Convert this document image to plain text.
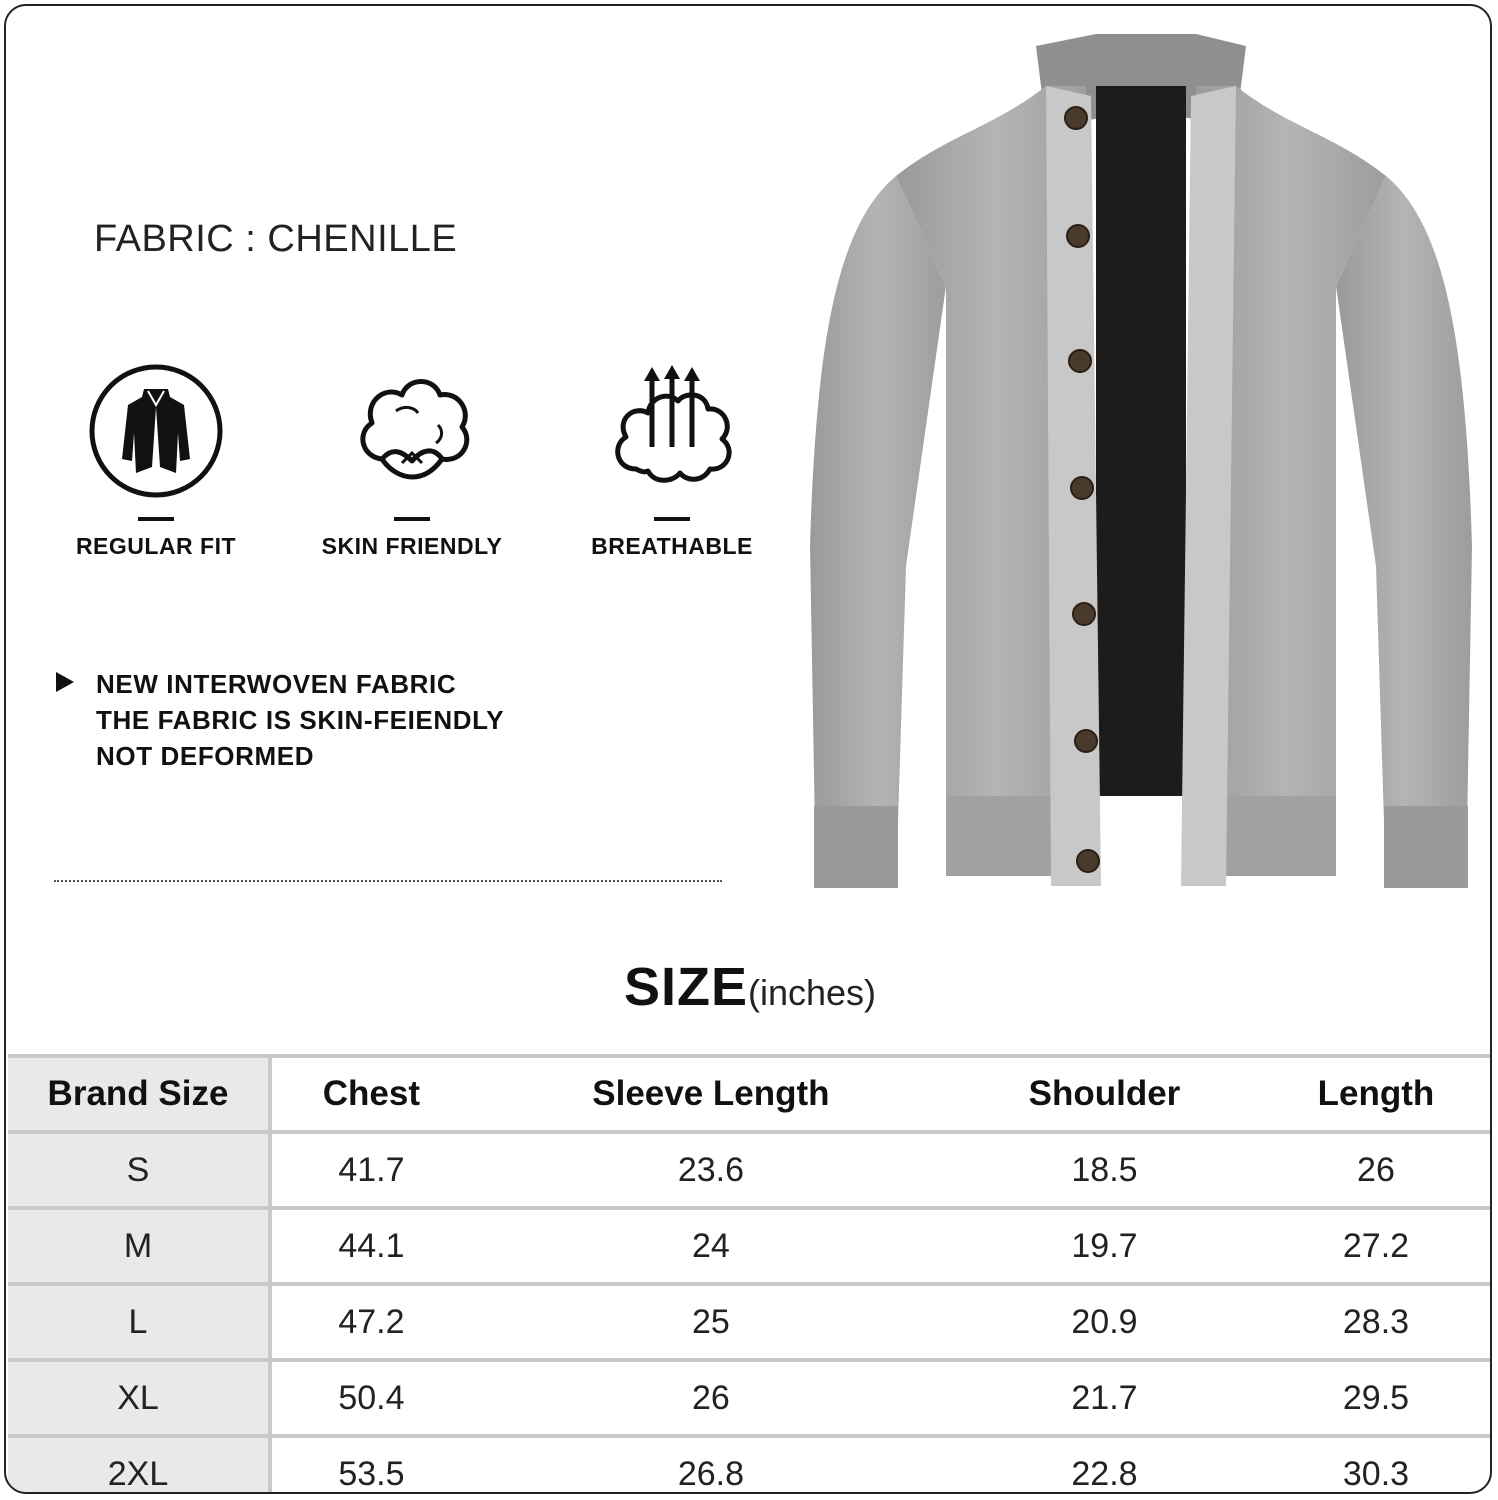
FABRIC : CHENILLE
REGULAR FIT	SKIN FRIENDLY	BREATHABLE
NEW INTERWOVEN FABRIC
THE FABRIC IS SKIN-FEIENDLY
NOT DEFORMED
SIZE(inches)
Brand Size	Chest	Sleeve Length	Shoulder	Length
S	41.7	23.6	18.5	26
M	44.1	24	19.7	27.2
L	47.2	25	20.9	28.3
XL	50.4	26	21.7	29.5
2XL	53.5	26.8	22.8	30.3
